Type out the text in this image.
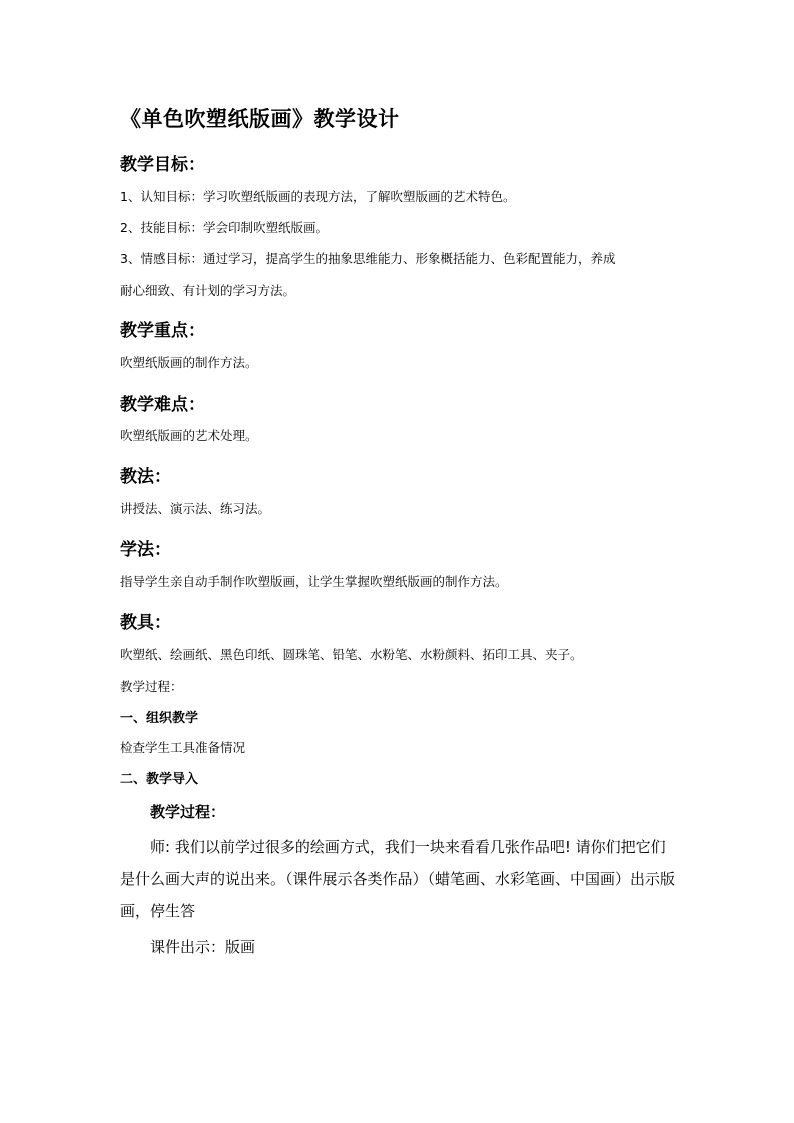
《单色吹塑纸版画》教学设计
教学目标：

1、认知目标：学习吹塑纸版画的表现方法，了解吹塑版画的艺术特色。

2、技能目标：学会印制吹塑纸版画。

3、情感目标：通过学习，提高学生的抽象思维能力、形象概括能力、色彩配置能力，养成

耐心细致、有计划的学习方法。

教学重点：

吹塑纸版画的制作方法。

教学难点：

吹塑纸版画的艺术处理。

教法：

讲授法、演示法、练习法。

学法：

指导学生亲自动手制作吹塑版画，让学生掌握吹塑纸版画的制作方法。

教具：

吹塑纸、绘画纸、黑色印纸、圆珠笔、铅笔、水粉笔、水粉颜料、拓印工具、夹子。

教学过程：

一、组织教学

检查学生工具准备情况

二、教学导入

教学过程：

师: 我们以前学过很多的绘画方式，我们一块来看看几张作品吧! 请你们把它们是什么画大声的说出来。（课件展示各类作品）（蜡笔画、水彩笔画、中国画）出示版画，停生答

课件出示：版画
